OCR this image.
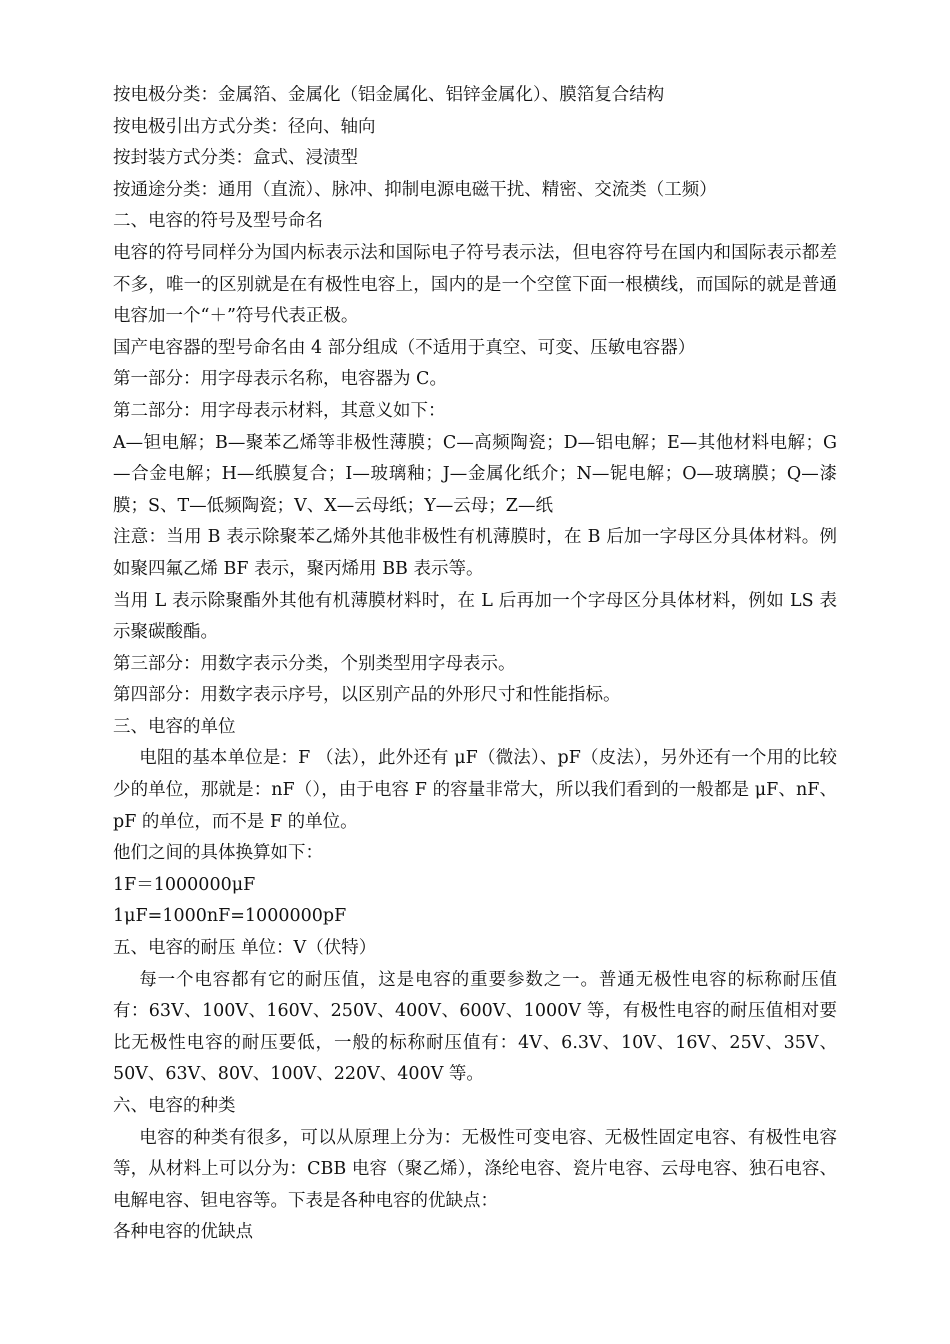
按电极分类：金属箔、金属化（铝金属化、铝锌金属化）、膜箔复合结构

按电极引出方式分类：径向、轴向

按封装方式分类：盒式、浸渍型

按通途分类：通用（直流）、脉冲、抑制电源电磁干扰、精密、交流类（工频）

二、电容的符号及型号命名

电容的符号同样分为国内标表示法和国际电子符号表示法，但电容符号在国内和国际表示都差不多，唯一的区别就是在有极性电容上，国内的是一个空筐下面一根横线，而国际的就是普通电容加一个“＋”符号代表正极。

国产电容器的型号命名由 4 部分组成（不适用于真空、可变、压敏电容器）

第一部分：用字母表示名称，电容器为 C。

第二部分：用字母表示材料，其意义如下：

A—钽电解；B—聚苯乙烯等非极性薄膜；C—高频陶瓷；D—铝电解；E—其他材料电解；G—合金电解；H—纸膜复合；I—玻璃釉；J—金属化纸介；N—铌电解；O—玻璃膜；Q—漆膜；S、T—低频陶瓷；V、X—云母纸；Y—云母；Z—纸

注意：当用 B 表示除聚苯乙烯外其他非极性有机薄膜时，在 B 后加一字母区分具体材料。例如聚四氟乙烯 BF 表示，聚丙烯用 BB 表示等。

当用 L 表示除聚酯外其他有机薄膜材料时，在 L 后再加一个字母区分具体材料，例如 LS 表示聚碳酸酯。

第三部分：用数字表示分类，个别类型用字母表示。

第四部分：用数字表示序号，以区别产品的外形尺寸和性能指标。

三、电容的单位

电阻的基本单位是：F （法），此外还有 μF（微法）、pF（皮法），另外还有一个用的比较少的单位，那就是：nF（），由于电容 F 的容量非常大，所以我们看到的一般都是 μF、nF、pF 的单位，而不是 F 的单位。

他们之间的具体换算如下：

1F＝1000000μF

1μF=1000nF=1000000pF

五、电容的耐压 单位：V（伏特）

每一个电容都有它的耐压值，这是电容的重要参数之一。普通无极性电容的标称耐压值有：63V、100V、160V、250V、400V、600V、1000V 等，有极性电容的耐压值相对要比无极性电容的耐压要低，一般的标称耐压值有：4V、6.3V、10V、16V、25V、35V、50V、63V、80V、100V、220V、400V 等。

六、电容的种类

电容的种类有很多，可以从原理上分为：无极性可变电容、无极性固定电容、有极性电容等，从材料上可以分为：CBB 电容（聚乙烯），涤纶电容、瓷片电容、云母电容、独石电容、电解电容、钽电容等。下表是各种电容的优缺点：

各种电容的优缺点
